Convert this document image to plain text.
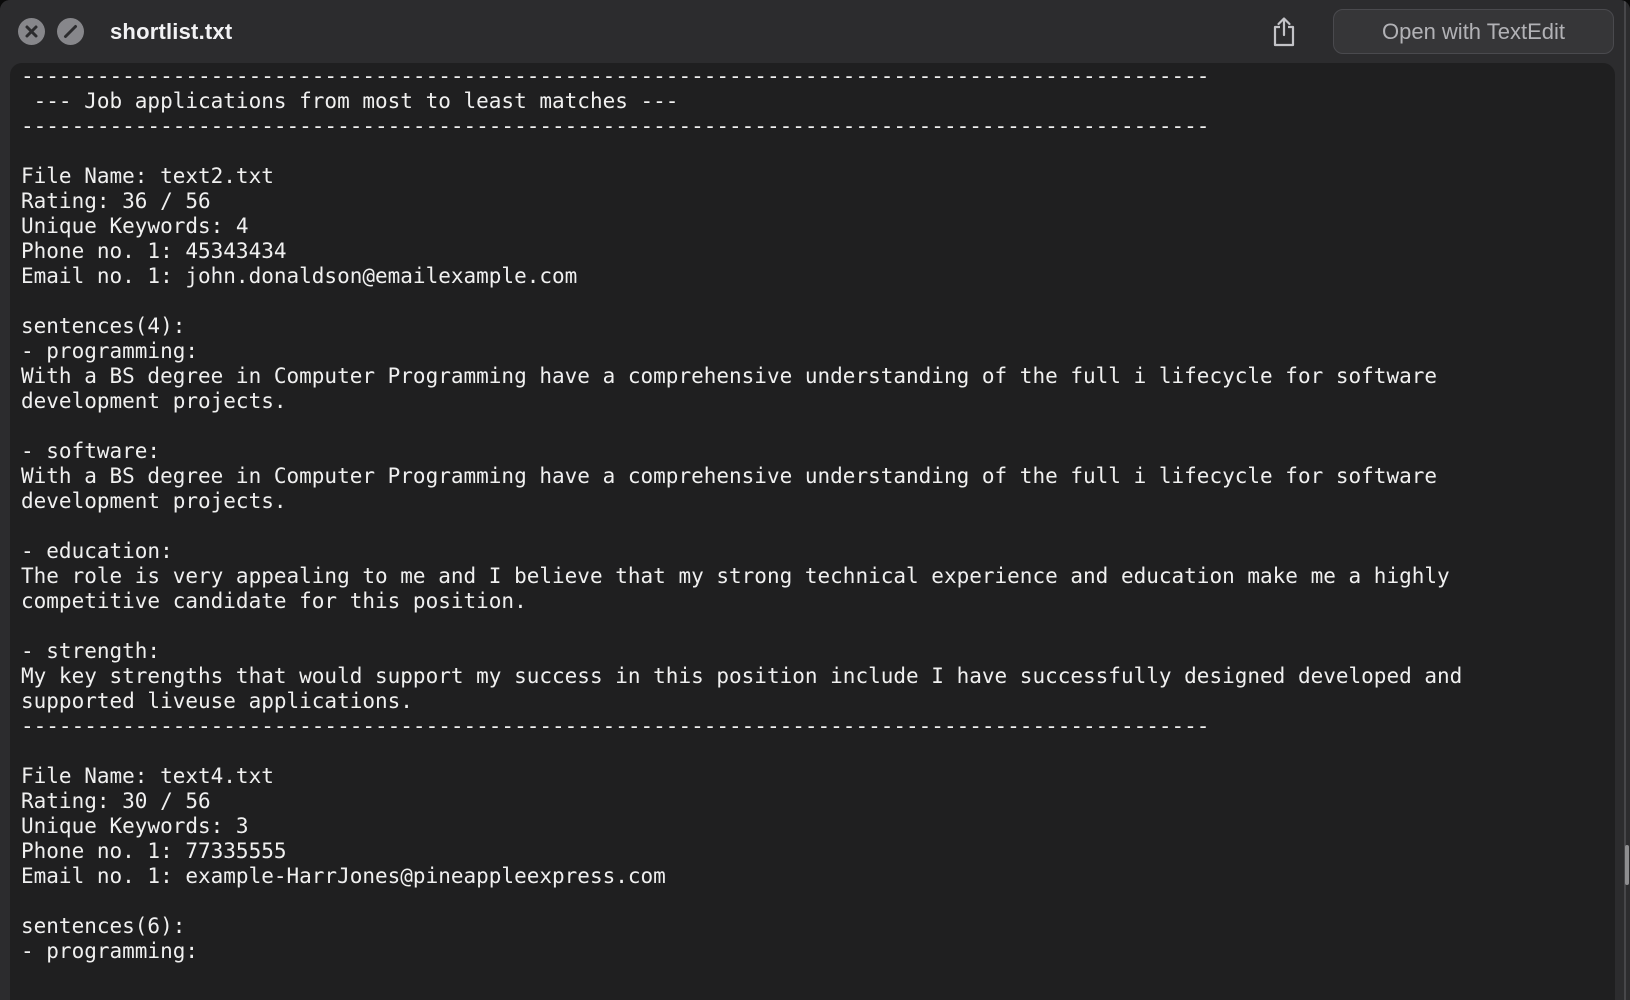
shortlist.txt	Open with TextEdit
----------------------------------------------------------------------------------------------
--- Job applications from most to least matches ---
----------------------------------------------------------------------------------------------
File Name: text2.txt
Rating: 36 / 56
Unique Keywords: 4
Phone no. 1: 45343434
Email no. 1: john.donaldson@emailexample.com
sentences(4):
- programming:
With a BS degree in Computer Programming have a comprehensive understanding of the full i lifecycle for software
development projects.
- software:
With a BS degree in Computer Programming have a comprehensive understanding of the full i lifecycle for software
development projects.
- education:
The role is very appealing to me and I believe that my strong technical experience and education make me a highly
competitive candidate for this position.
- strength:
My key strengths that would support my success in this position include I have successfully designed developed and
supported liveuse applications.
----------------------------------------------------------------------------------------------
File Name: text4.txt
Rating: 30 / 56
Unique Keywords: 3
Phone no. 1: 77335555
Email no. 1: example-HarrJones@pineappleexpress.com
sentences(6):
- programming:
